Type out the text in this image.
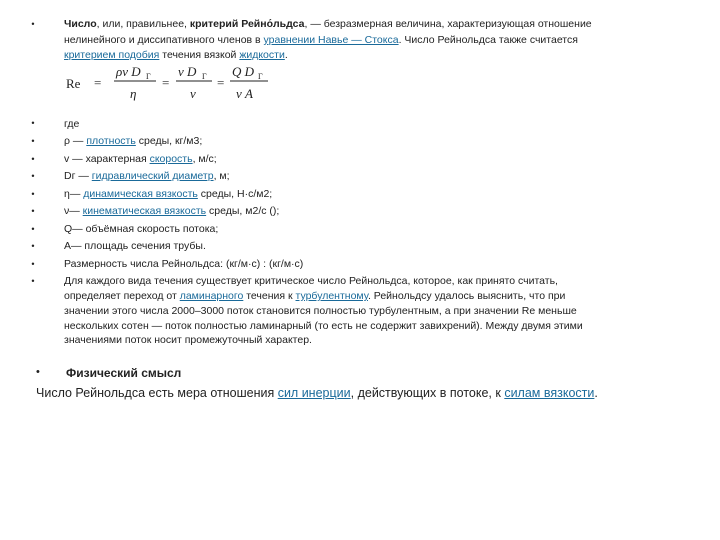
•
•
•
•
•
•
•
•
•
•
•
Число, или, правильнее, критерий Рейно́льдса, — безразмерная величина, характеризующая отношение
нелинейного и диссипативного членов в уравнении Навье — Стокса. Число Рейнольдса также считается
критерием подобия течения вязкой жидкости.
Re =
ρv D Г
η
=
v D Г
ν
=
Q D Г
ν A
где
ρ — плотность среды, кг/м3;
v — характерная скорость, м/с;
Dг — гидравлический диаметр, м;
η— динамическая вязкость среды, Н·с/м2;
ν— кинематическая вязкость среды, м2/с ();
Q— объёмная скорость потока;
A— площадь сечения трубы.
Размерность числа Рейнольдса: (кг/м·с) : (кг/м·с)
Для каждого вида течения существует критическое число Рейнольдса, которое, как принято считать,
определяет переход от ламинарного течения к турбулентному. Рейнольдсу удалось выяснить, что при
значении этого числа 2000–3000 поток становится полностью турбулентным, а при значении Re меньше
нескольких сотен — поток полностью ламинарный (то есть не содержит завихрений). Между двумя этими
значениями поток носит промежуточный характер.
• Физический смысл
Число Рейнольдса есть мера отношения сил инерции, действующих в потоке, к силам вязкости.
